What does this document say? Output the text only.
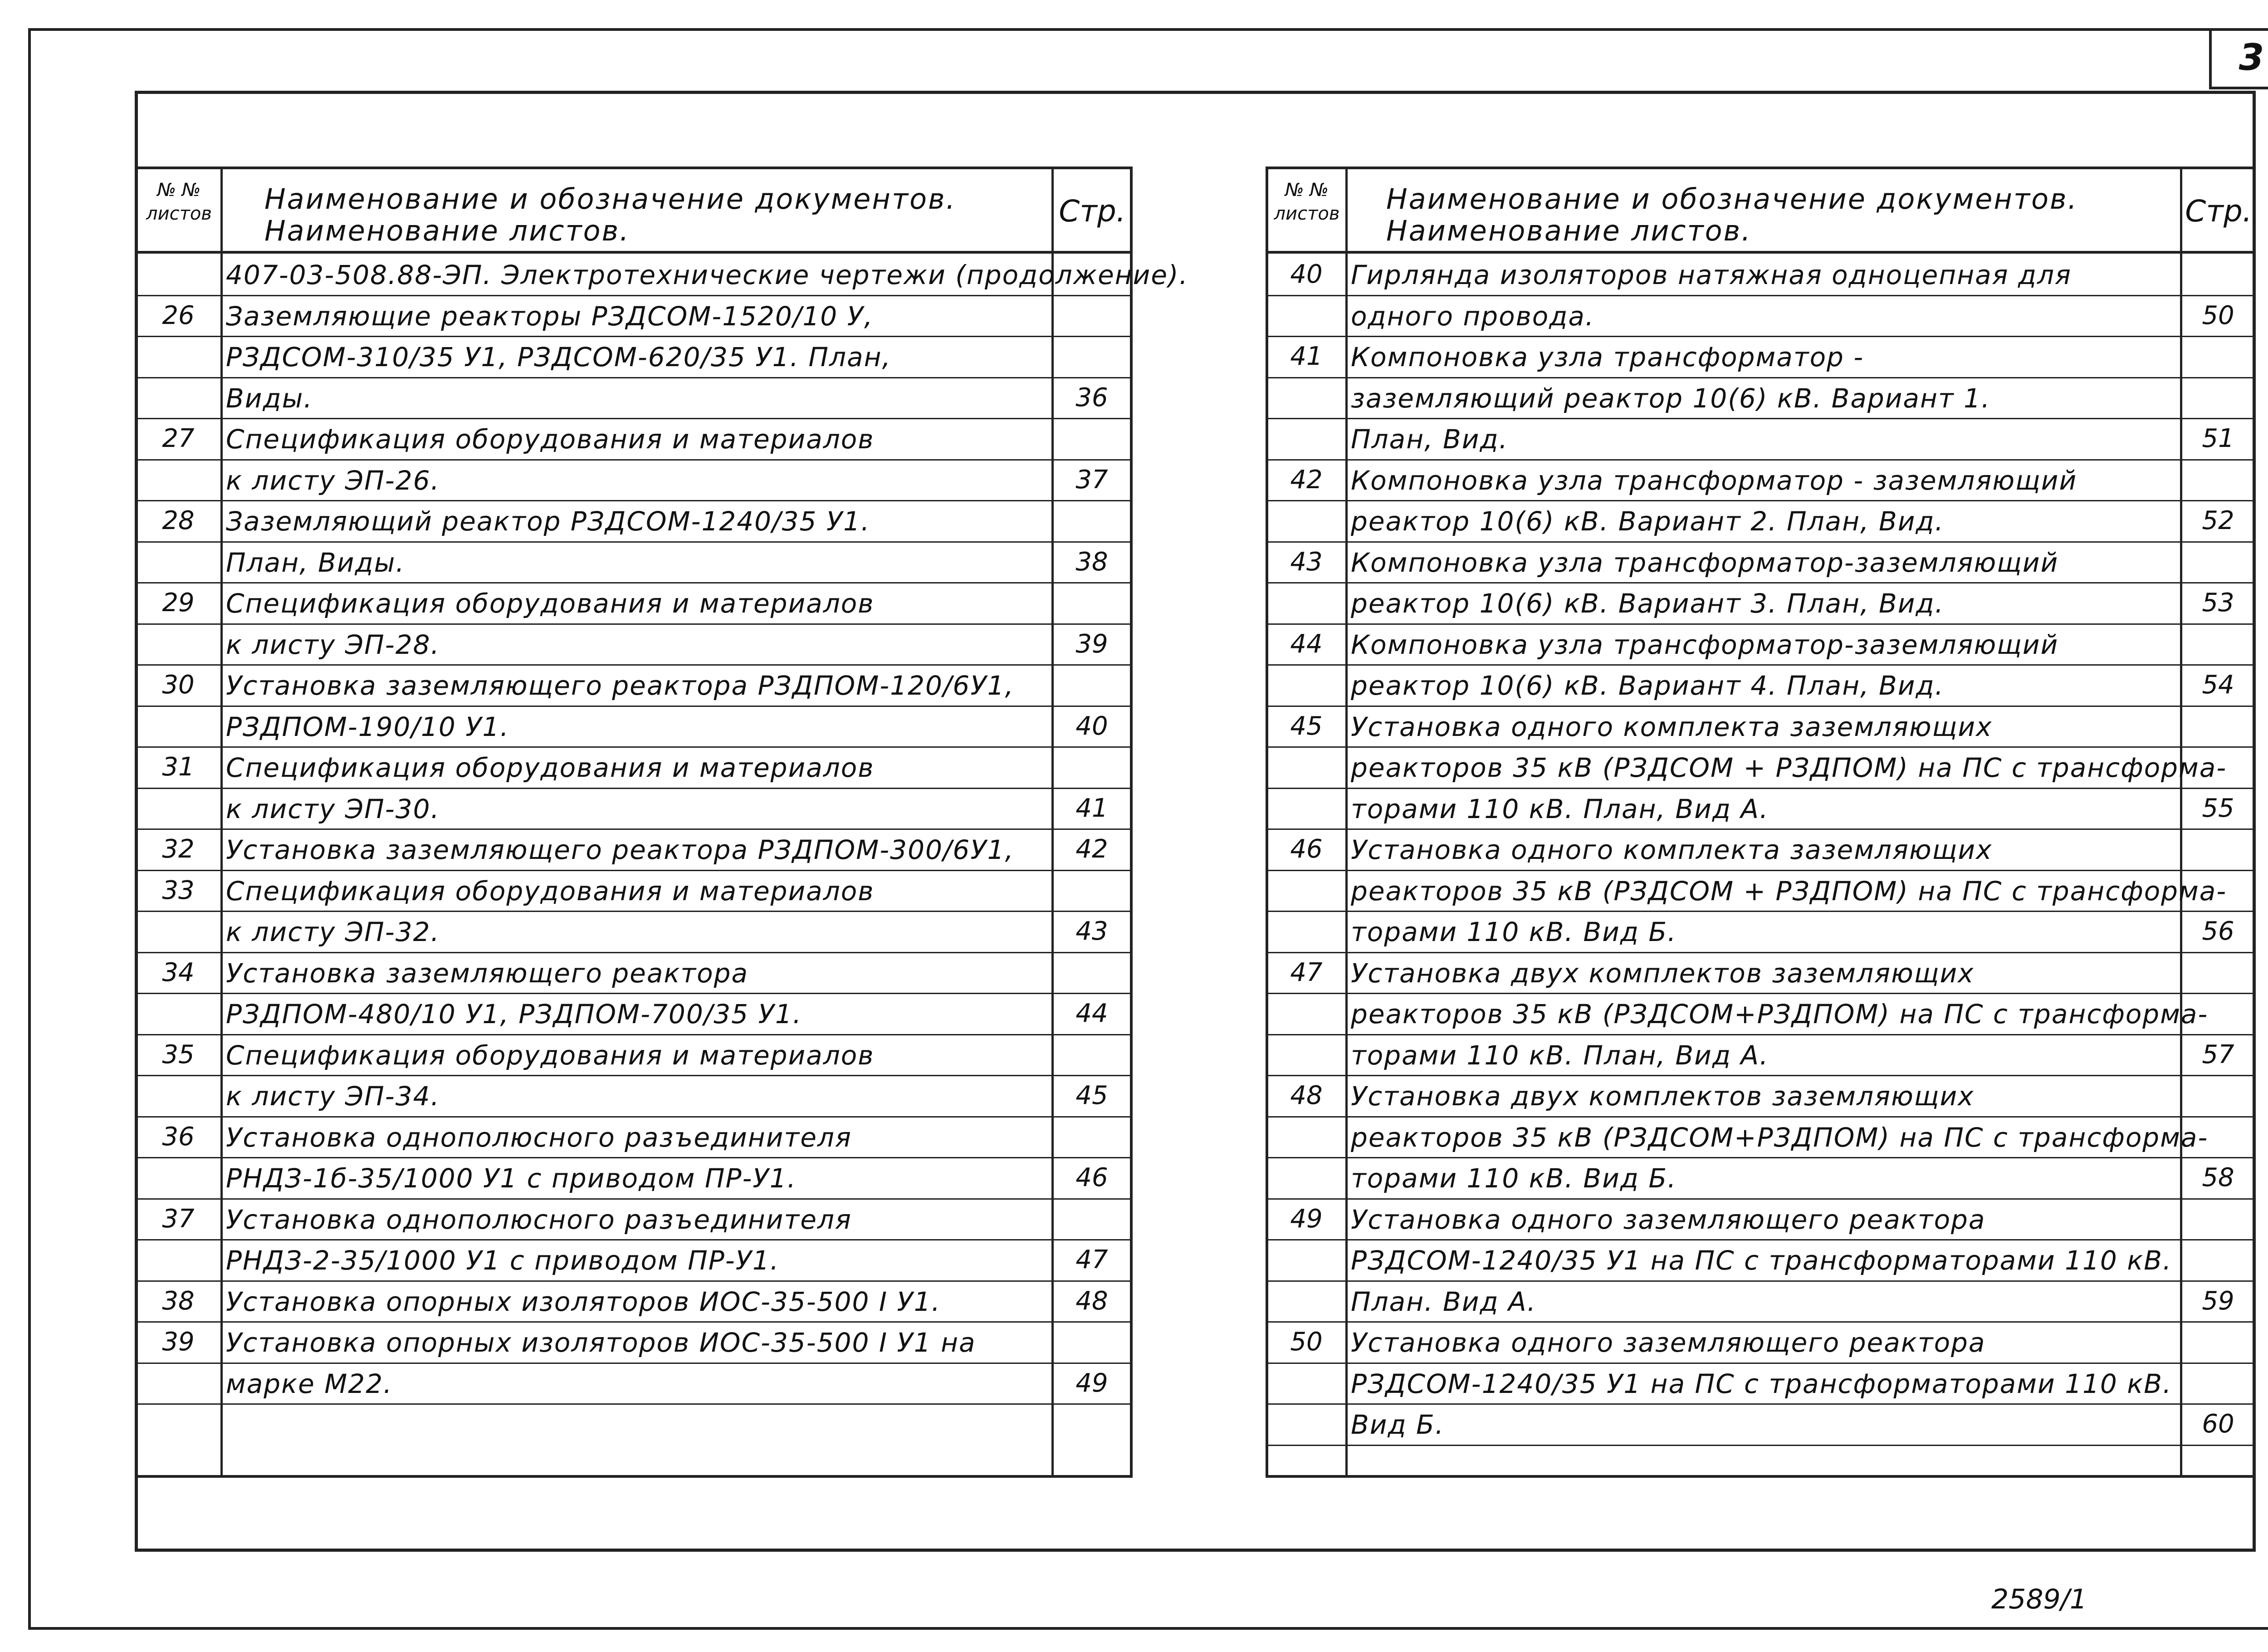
3
№ № листов Наименование и обозначение документов.
Наименование листов.
Стр.
407-03-508.88-ЭП. Электротехнические чертежи (продолжение).
26	Заземляющие реакторы РЗДСОМ-1520/10 У,
РЗДСОМ-310/35 У1, РЗДСОМ-620/35 У1. План,
Виды.	36
27	Спецификация оборудования и материалов
к листу ЭП-26.	37
28	Заземляющий реактор РЗДСОМ-1240/35 У1.
План, Виды.	38
29	Спецификация оборудования и материалов
к листу ЭП-28.	39
30	Установка заземляющего реактора РЗДПОМ-120/6У1,
РЗДПОМ-190/10 У1.	40
31	Спецификация оборудования и материалов
к листу ЭП-30.	41
32	Установка заземляющего реактора РЗДПОМ-300/6У1,	42
33	Спецификация оборудования и материалов
к листу ЭП-32.	43
34	Установка заземляющего реактора
РЗДПОМ-480/10 У1, РЗДПОМ-700/35 У1.	44
35	Спецификация оборудования и материалов
к листу ЭП-34.	45
36	Установка однополюсного разъединителя
РНДЗ-1б-35/1000 У1 с приводом ПР-У1.	46
37	Установка однополюсного разъединителя
РНДЗ-2-35/1000 У1 с приводом ПР-У1.	47
38	Установка опорных изоляторов ИОС-35-500 I У1.	48
39	Установка опорных изоляторов ИОС-35-500 I У1 на
марке М22.	49
№ № листов Наименование и обозначение документов.
Наименование листов.
Стр.
40	Гирлянда изоляторов натяжная одноцепная для
одного провода.	50
41	Компоновка узла трансформатор -
заземляющий реактор 10(6) кВ. Вариант 1.
План, Вид.	51
42	Компоновка узла трансформатор - заземляющий
реактор 10(6) кВ. Вариант 2. План, Вид.	52
43	Компоновка узла трансформатор-заземляющий
реактор 10(6) кВ. Вариант 3. План, Вид.	53
44	Компоновка узла трансформатор-заземляющий
реактор 10(6) кВ. Вариант 4. План, Вид.	54
45	Установка одного комплекта заземляющих
реакторов 35 кВ (РЗДСОМ + РЗДПОМ) на ПС с трансформа-
торами 110 кВ. План, Вид А.	55
46	Установка одного комплекта заземляющих
реакторов 35 кВ (РЗДСОМ + РЗДПОМ) на ПС с трансформа-
торами 110 кВ. Вид Б.	56
47	Установка двух комплектов заземляющих
реакторов 35 кВ (РЗДСОМ+РЗДПОМ) на ПС с трансформа-
торами 110 кВ. План, Вид А.	57
48	Установка двух комплектов заземляющих
реакторов 35 кВ (РЗДСОМ+РЗДПОМ) на ПС с трансформа-
торами 110 кВ. Вид Б.	58
49	Установка одного заземляющего реактора
РЗДСОМ-1240/35 У1 на ПС с трансформаторами 110 кВ.
План. Вид А.	59
50	Установка одного заземляющего реактора
РЗДСОМ-1240/35 У1 на ПС с трансформаторами 110 кВ.
Вид Б.	60
2589/1
